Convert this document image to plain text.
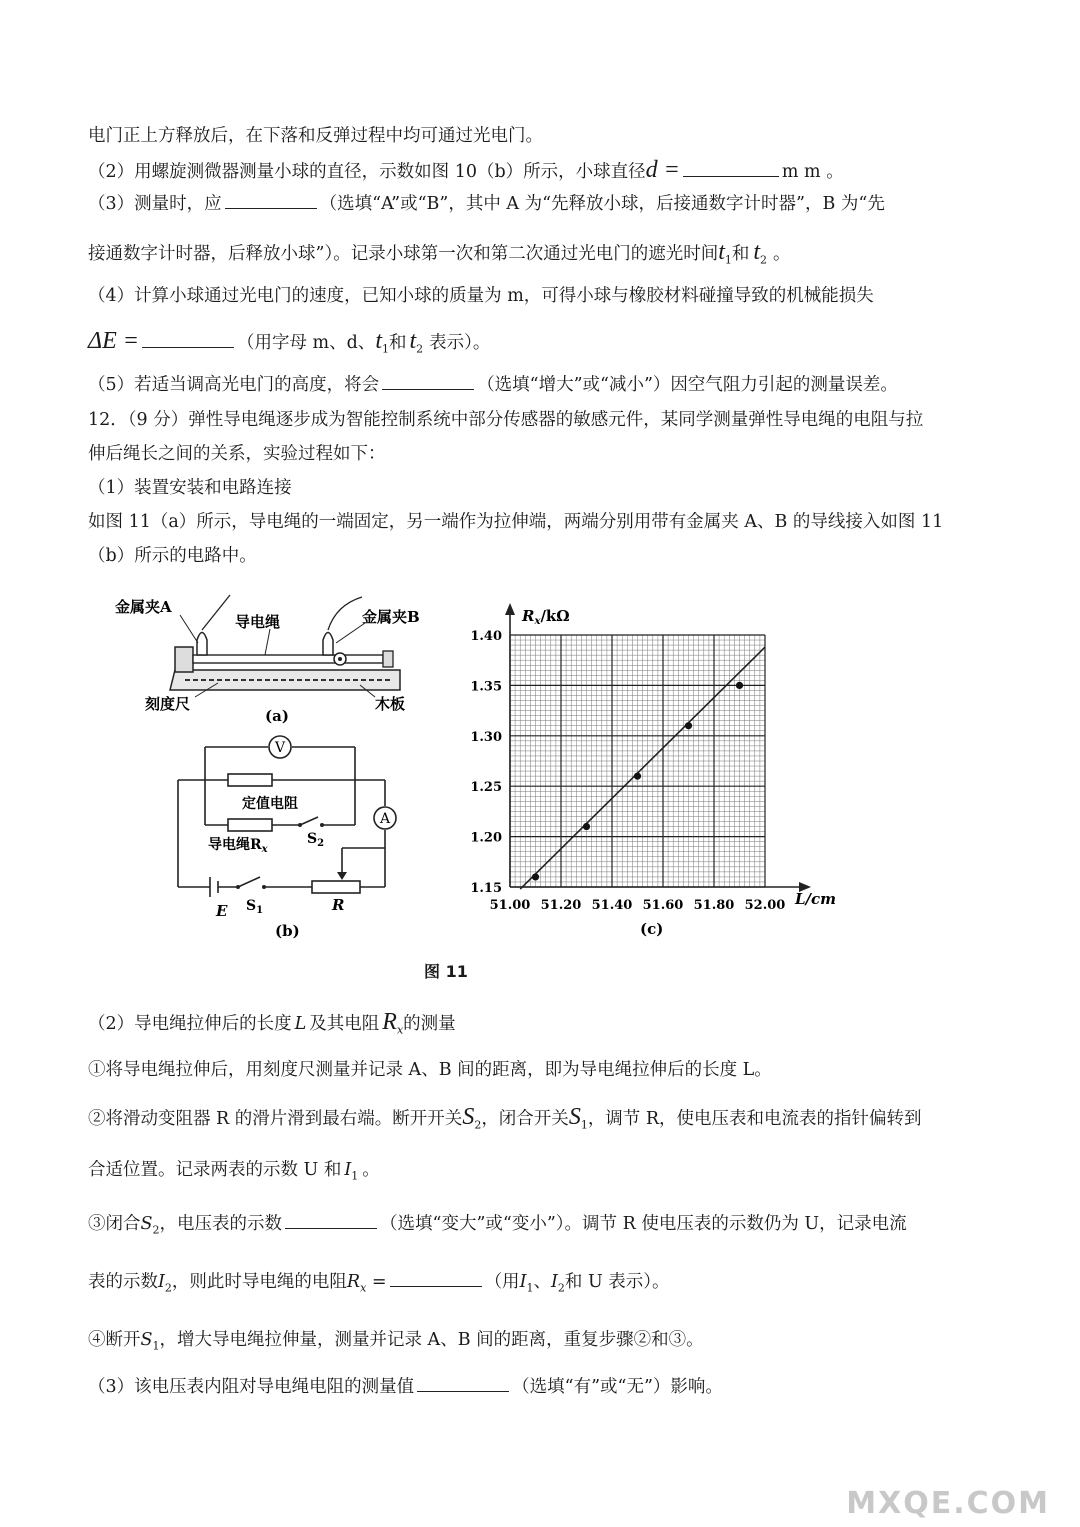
电门正上方释放后，在下落和反弹过程中均可通过光电门。
（2）用螺旋测微器测量小球的直径，示数如图 10（b）所示，小球直径d =	m m 。
（3）测量时，应	（选填“A”或“B”，其中 A 为“先释放小球，后接通数字计时器”，B 为“先
接通数字计时器，后释放小球”）。记录小球第一次和第二次通过光电门的遮光时间$t_1$和 $t_2$ 。
（4）计算小球通过光电门的速度，已知小球的质量为 m，可得小球与橡胶材料碰撞导致的机械能损失
ΔE =	（用字母 m、d、$t_1$和 $t_2$ 表示）。
（5）若适当调高光电门的高度，将会	（选填“增大”或“减小”）因空气阻力引起的测量误差。
12．（9 分）弹性导电绳逐步成为智能控制系统中部分传感器的敏感元件，某同学测量弹性导电绳的电阻与拉
伸后绳长之间的关系，实验过程如下：
（1）装置安装和电路连接
如图 11（a）所示，导电绳的一端固定，另一端作为拉伸端，两端分别用带有金属夹 A、B 的导线接入如图 11
（b）所示的电路中。
金属夹A
导电绳	金属夹B
刻度尺	木板
(a)
V
A
定值电阻
导电绳$R_x$
$S_2$
E $S_1$	R
(b)
1.15
1.20
1.25
1.30
1.35
1.40
51.00 51.20 51.40 51.60 51.80 52.00
$R_x/k\Omega$
L/cm
(c)
图 11
（2）导电绳拉伸后的长度 L 及其电阻 $R_x$的测量
①将导电绳拉伸后，用刻度尺测量并记录 A、B 间的距离，即为导电绳拉伸后的长度 L。
②将滑动变阻器 R 的滑片滑到最右端。断开开关$S_2$，闭合开关$S_1$，调节 R，使电压表和电流表的指针偏转到
合适位置。记录两表的示数 U 和 $I_1$ 。
③闭合$S_2$，电压表的示数	（选填“变大”或“变小”）。调节 R 使电压表的示数仍为 U，记录电流
表的示数$I_2$，则此时导电绳的电阻$R_x$ =	（用$I_1$、$I_2$和 U 表示）。
④断开$S_1$，增大导电绳拉伸量，测量并记录 A、B 间的距离，重复步骤②和③。
（3）该电压表内阻对导电绳电阻的测量值	（选填“有”或“无”）影响。
MXQE.COM
